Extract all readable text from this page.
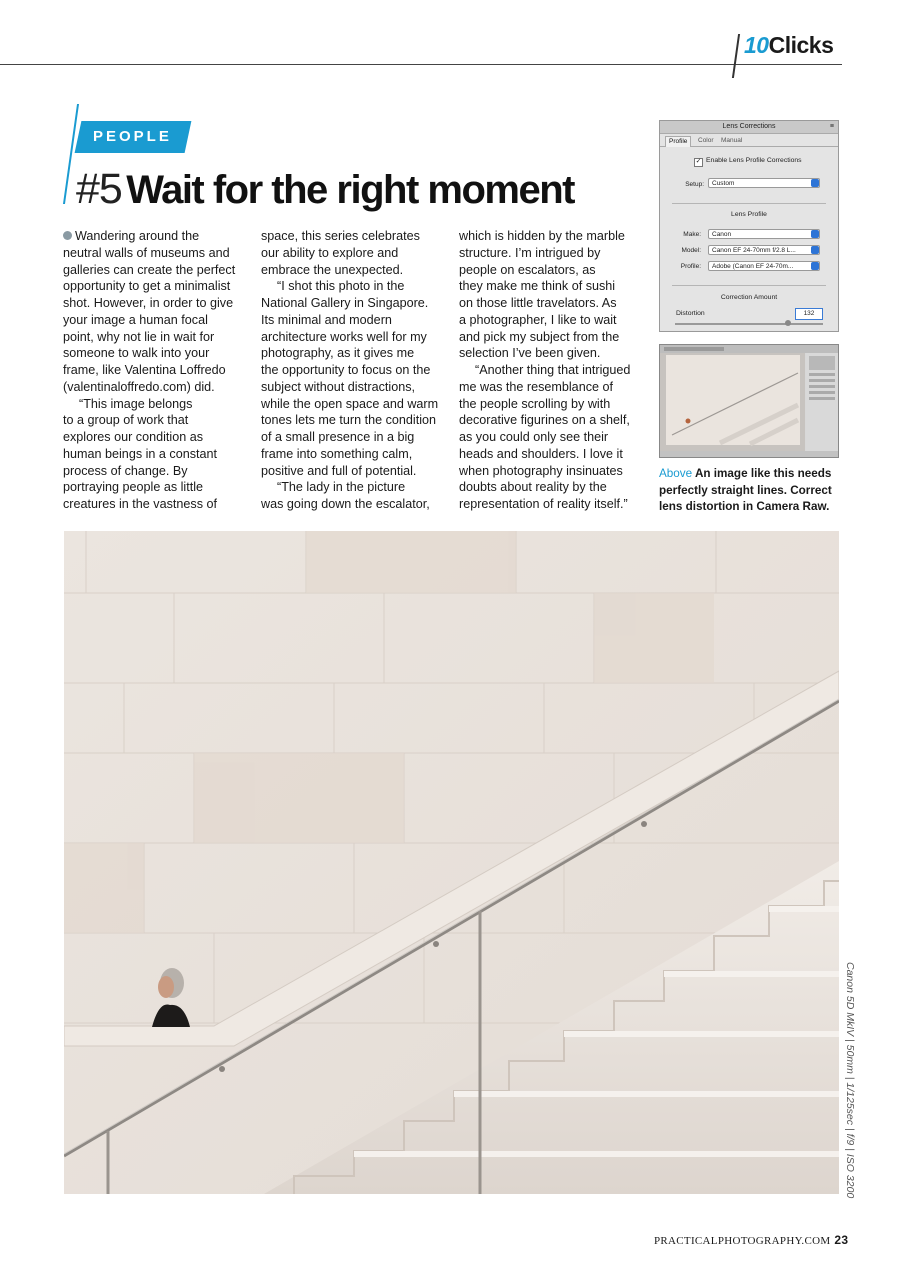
10Clicks
PEOPLE
#5 Wait for the right moment
Wandering around the
neutral walls of museums and
galleries can create the perfect
opportunity to get a minimalist
shot. However, in order to give
your image a human focal
point, why not lie in wait for
someone to walk into your
frame, like Valentina Loffredo
(valentinaloffredo.com) did.
“This image belongs
to a group of work that
explores our condition as
human beings in a constant
process of change. By
portraying people as little
creatures in the vastness of
space, this series celebrates
our ability to explore and
embrace the unexpected.
“I shot this photo in the
National Gallery in Singapore.
Its minimal and modern
architecture works well for my
photography, as it gives me
the opportunity to focus on the
subject without distractions,
while the open space and warm
tones lets me turn the condition
of a small presence in a big
frame into something calm,
positive and full of potential.
“The lady in the picture
was going down the escalator,
which is hidden by the marble
structure. I’m intrigued by
people on escalators, as
they make me think of sushi
on those little travelators. As
a photographer, I like to wait
and pick my subject from the
selection I’ve been given.
“Another thing that intrigued
me was the resemblance of
the people scrolling by with
decorative figurines on a shelf,
as you could only see their
heads and shoulders. I love it
when photography insinuates
doubts about reality by the
representation of reality itself.”
Lens Corrections	≡
Profile	Color	Manual
✓ Enable Lens Profile Corrections
Setup:	Custom
Lens Profile
Make:	Canon
Model:	Canon EF 24-70mm f/2.8 L...
Profile:	Adobe (Canon EF 24-70m...
Correction Amount
Distortion	132
Above An image like this needs
perfectly straight lines. Correct
lens distortion in Camera Raw.
Canon 5D MkIV | 50mm | 1/125sec | f/9 | ISO 3200
PRACTICALPHOTOGRAPHY.COM 23
